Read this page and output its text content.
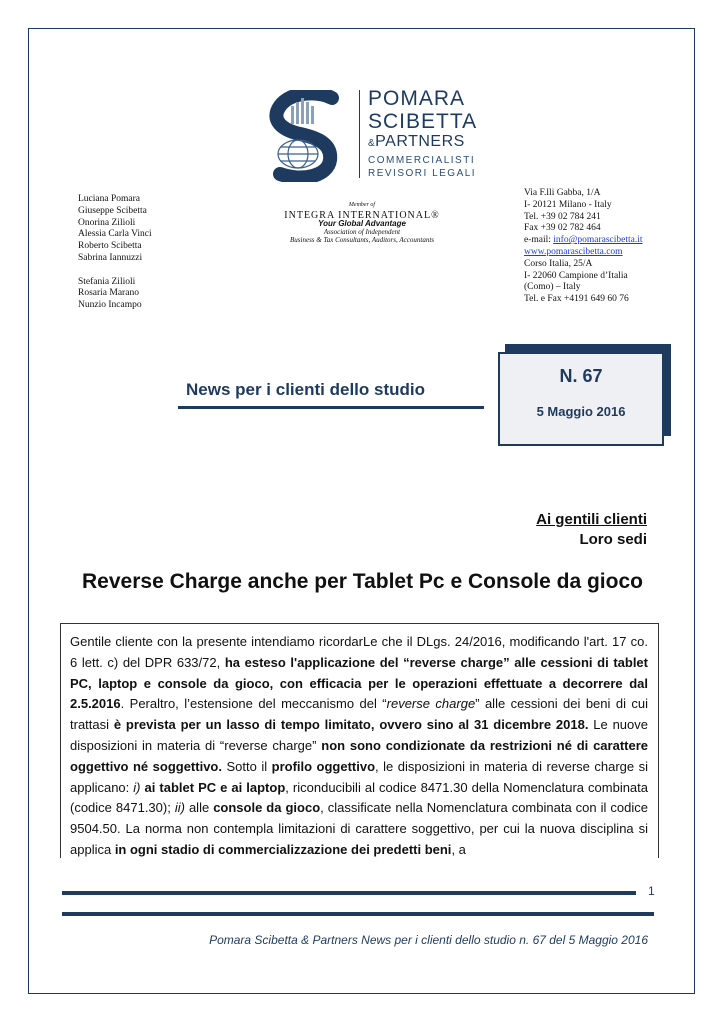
POMARA
SCIBETTA
&PARTNERS
COMMERCIALISTI
REVISORI LEGALI
Luciana Pomara
Giuseppe Scibetta
Onorina Zilioli
Alessia Carla Vinci
Roberto Scibetta
Sabrina Iannuzzi

Stefania Zilioli
Rosaria Marano
Nunzio Incampo
Member of
INTEGRA INTERNATIONAL®
Your Global Advantage
Association of Independent
Business & Tax Consultants, Auditors, Accountants
Via F.lli Gabba, 1/A
I- 20121 Milano - Italy
Tel. +39 02 784 241
Fax +39 02 782 464
e-mail: info@pomarascibetta.it
www.pomarascibetta.com
Corso Italia, 25/A
I- 22060 Campione d’Italia
(Como) – Italy
Tel. e Fax +4191 649 60 76
News per i clienti dello studio
N. 67
5 Maggio 2016
Ai gentili clienti
Loro sedi
Reverse Charge anche per Tablet Pc e Console da gioco
Gentile cliente con la presente intendiamo ricordarLe che il DLgs. 24/2016, modificando l'art. 17 co. 6 lett. c) del DPR 633/72, ha esteso l'applicazione del “reverse charge” alle cessioni di tablet PC, laptop e console da gioco, con efficacia per le operazioni effettuate a decorrere dal 2.5.2016. Peraltro, l’estensione del meccanismo del “reverse charge” alle cessioni dei beni di cui trattasi è prevista per un lasso di tempo limitato, ovvero sino al 31 dicembre 2018. Le nuove disposizioni in materia di “reverse charge” non sono condizionate da restrizioni né di carattere oggettivo né soggettivo. Sotto il profilo oggettivo, le disposizioni in materia di reverse charge si applicano: i) ai tablet PC e ai laptop, riconducibili al codice 8471.30 della Nomenclatura combinata (codice 8471.30); ii) alle console da gioco, classificate nella Nomenclatura combinata con il codice 9504.50. La norma non contempla limitazioni di carattere soggettivo, per cui la nuova disciplina si applica in ogni stadio di commercializzazione dei predetti beni, a
1
Pomara Scibetta & Partners News per i clienti dello studio n. 67 del 5 Maggio 2016
